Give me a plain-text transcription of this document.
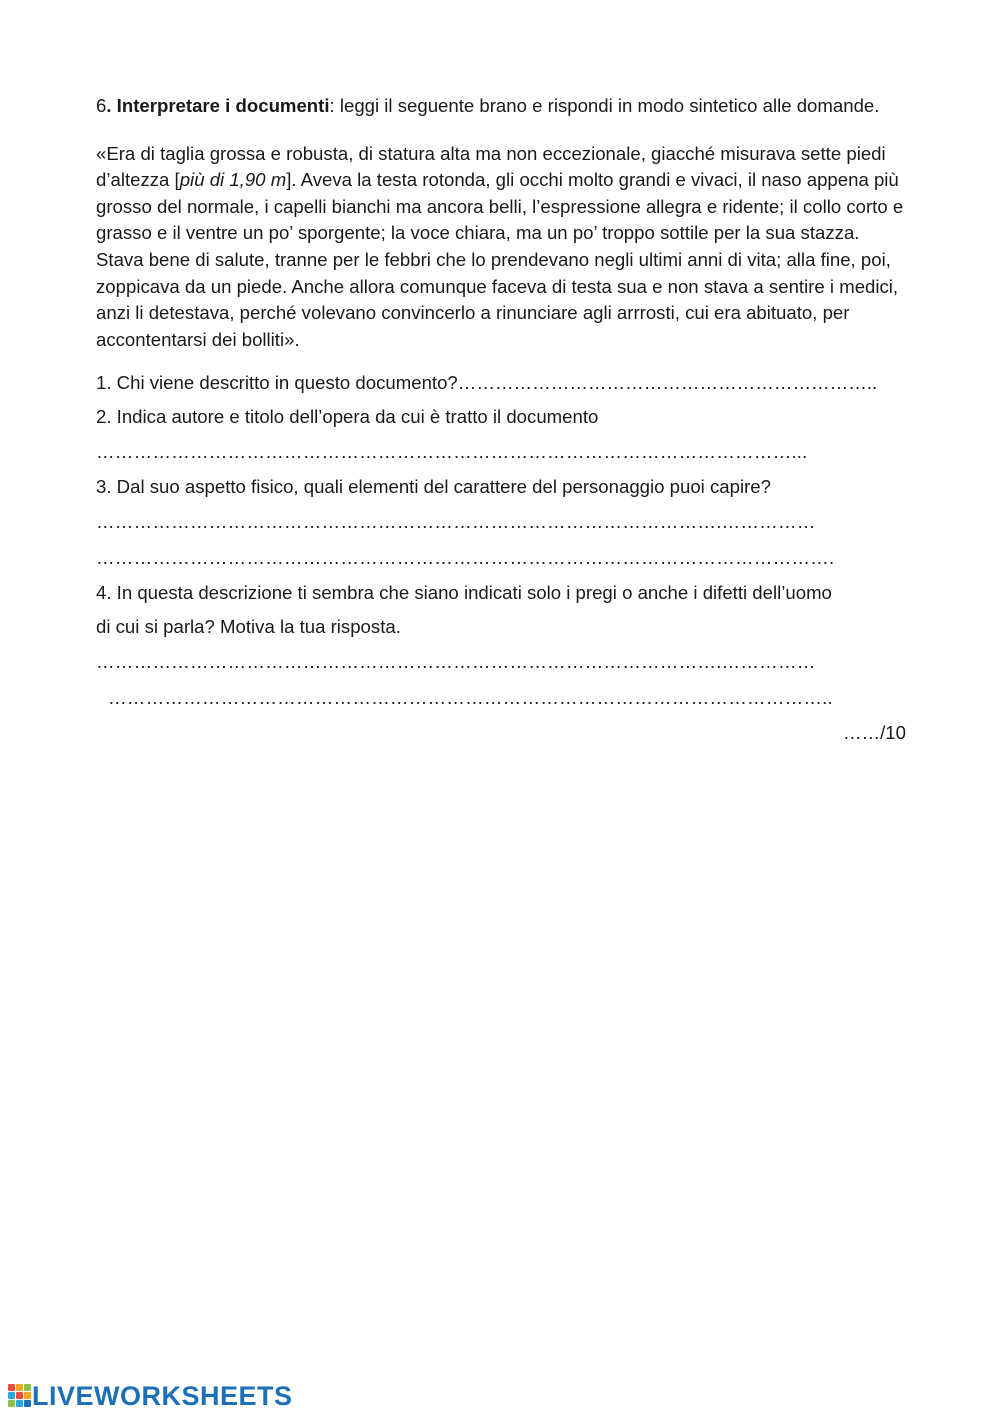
6. Interpretare i documenti: leggi il seguente brano e rispondi in modo sintetico alle domande.

«Era di taglia grossa e robusta, di statura alta ma non eccezionale, giacché misurava sette piedi d’altezza [più di 1,90 m]. Aveva la testa rotonda, gli occhi molto grandi e vivaci, il naso appena più grosso del normale, i capelli bianchi ma ancora belli, l’espressione allegra e ridente; il collo corto e grasso e il ventre un po’ sporgente; la voce chiara, ma un po’ troppo sottile per la sua stazza. Stava bene di salute, tranne per le febbri che lo prendevano negli ultimi anni di vita; alla fine, poi, zoppicava da un piede. Anche allora comunque faceva di testa sua e non stava a sentire i medici, anzi li detestava, perché volevano convincerlo a rinunciare agli arrrosti, cui era abituato, per accontentarsi dei bolliti».

1. Chi viene descritto in questo documento?…………………………………………………………..
2. Indica autore e titolo dell’opera da cui è tratto il documento
…………………………………………………………………………………………………...
3. Dal suo aspetto fisico, quali elementi del carattere del personaggio puoi capire?
……………………………………………………………………………………….……………
……………………………………………………………………………………………………….
4. In questa descrizione ti sembra che siano indicati solo i pregi o anche i difetti dell’uomo
di cui si parla? Motiva la tua risposta.
……………………………………………………………………………………….……………
……………………………………………………………………………………………………..
……/10
LIVEWORKSHEETS
